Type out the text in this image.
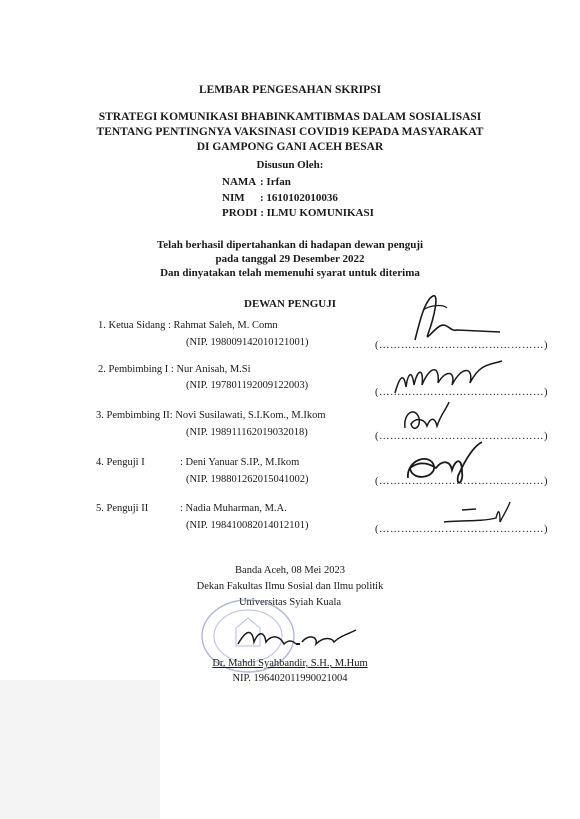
LEMBAR PENGESAHAN SKRIPSI
STRATEGI KOMUNIKASI BHABINKAMTIBMAS DALAM SOSIALISASI
TENTANG PENTINGNYA VAKSINASI COVID19 KEPADA MASYARAKAT
DI GAMPONG GANI ACEH BESAR
Disusun Oleh:
NAMA : Irfan
NIM : 1610102010036
PRODI : ILMU KOMUNIKASI
Telah berhasil dipertahankan di hadapan dewan penguji
pada tanggal 29 Desember 2022
Dan dinyatakan telah memenuhi syarat untuk diterima
DEWAN PENGUJI
1. Ketua Sidang : Rahmat Saleh, M. Comn
(NIP. 198009142010121001)	(………………………………………)
2. Pembimbing I : Nur Anisah, M.Si
(NIP. 197801192009122003)
(………………………………………)
3. Pembimbing II: Novi Susilawati, S.I.Kom., M.Ikom
(NIP. 198911162019032018)	(………………………………………)
4. Penguji I	: Deni Yanuar S.IP., M.Ikom
(NIP. 198801262015041002)	(………………………………………)
5. Penguji II	: Nadia Muharman, M.A.
(NIP. 198410082014012101)	(………………………………………)
Banda Aceh, 08 Mei 2023
Dekan Fakultas Ilmu Sosial dan Ilmu politik
Universitas Syiah Kuala
Dr. Mahdi Syahbandir, S.H., M.Hum
NIP. 196402011990021004
